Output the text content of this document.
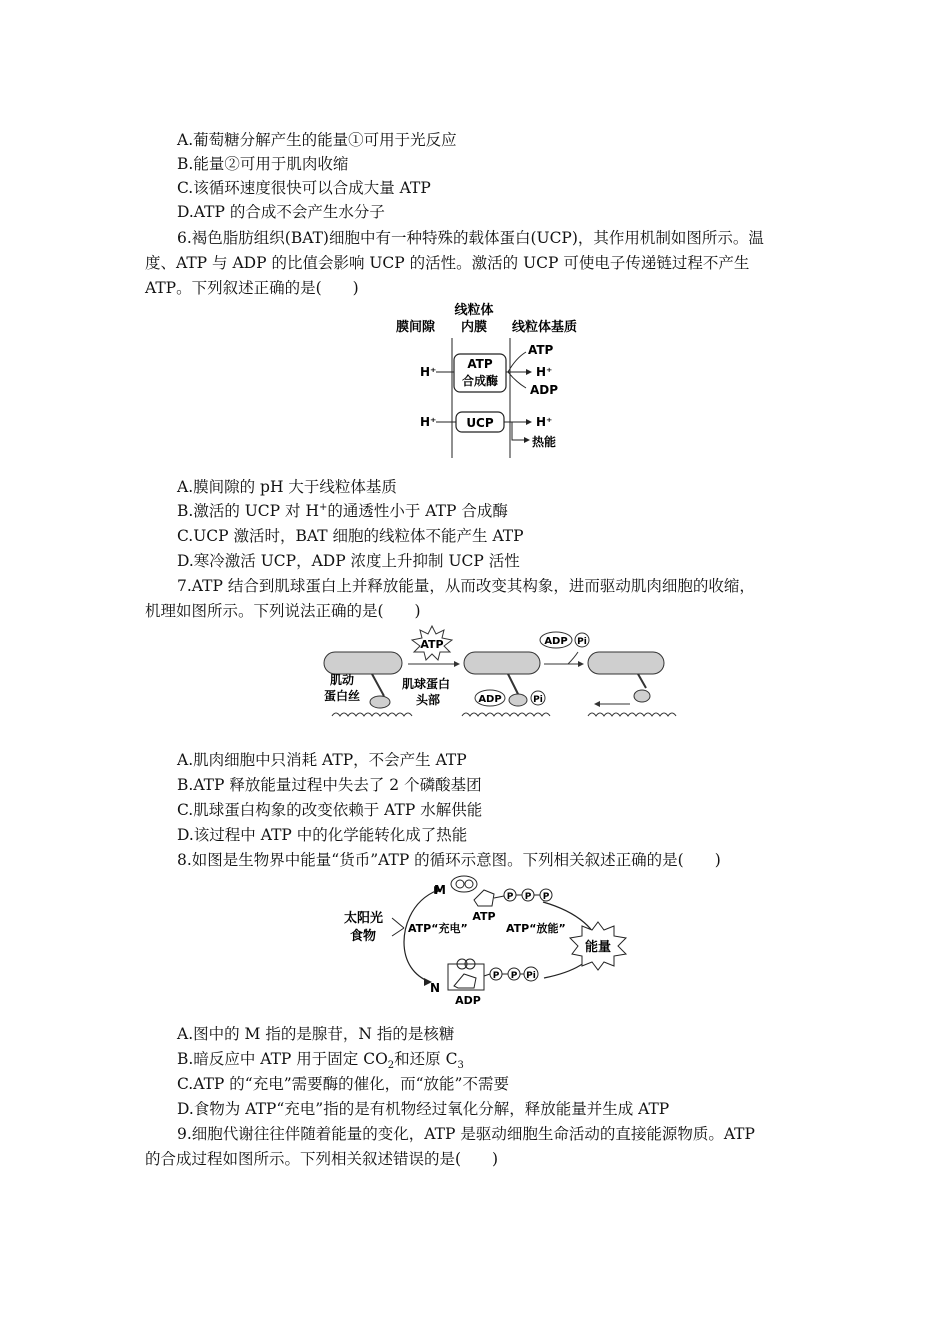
A.葡萄糖分解产生的能量①可用于光反应
B.能量②可用于肌肉收缩
C.该循环速度很快可以合成大量 ATP
D.ATP 的合成不会产生水分子
6.褐色脂肪组织(BAT)细胞中有一种特殊的载体蛋白(UCP)，其作用机制如图所示。温
度、ATP 与 ADP 的比值会影响 UCP 的活性。激活的 UCP 可使电子传递链过程不产生
ATP。下列叙述正确的是(　　)
线粒体
内膜
膜间隙	线粒体基质
ATP
合成酶
H⁺
ATP
H⁺
ADP
UCP
H⁺	H⁺
热能
A.膜间隙的 pH 大于线粒体基质
B.激活的 UCP 对 H+的通透性小于 ATP 合成酶
C.UCP 激活时，BAT 细胞的线粒体不能产生 ATP
D.寒冷激活 UCP，ADP 浓度上升抑制 UCP 活性
7.ATP 结合到肌球蛋白上并释放能量，从而改变其构象，进而驱动肌肉细胞的收缩，
机理如图所示。下列说法正确的是(　　)
肌动
蛋白丝
肌球蛋白
头部
ATP
ADP	Pi
ADP Pi
A.肌肉细胞中只消耗 ATP，不会产生 ATP
B.ATP 释放能量过程中失去了 2 个磷酸基团
C.肌球蛋白构象的改变依赖于 ATP 水解供能
D.该过程中 ATP 中的化学能转化成了热能
8.如图是生物界中能量“货币”ATP 的循环示意图。下列相关叙述正确的是(　　)
太阳光
食物
M	P P P
ATP
ATP“充电”	ATP“放能”
能量
N
P P Pi
ADP
A.图中的 M 指的是腺苷，N 指的是核糖
B.暗反应中 ATP 用于固定 $CO_2$和还原 $C_3$
C.ATP 的“充电”需要酶的催化，而“放能”不需要
D.食物为 ATP“充电”指的是有机物经过氧化分解，释放能量并生成 ATP
9.细胞代谢往往伴随着能量的变化，ATP 是驱动细胞生命活动的直接能源物质。ATP
的合成过程如图所示。下列相关叙述错误的是(　　)
